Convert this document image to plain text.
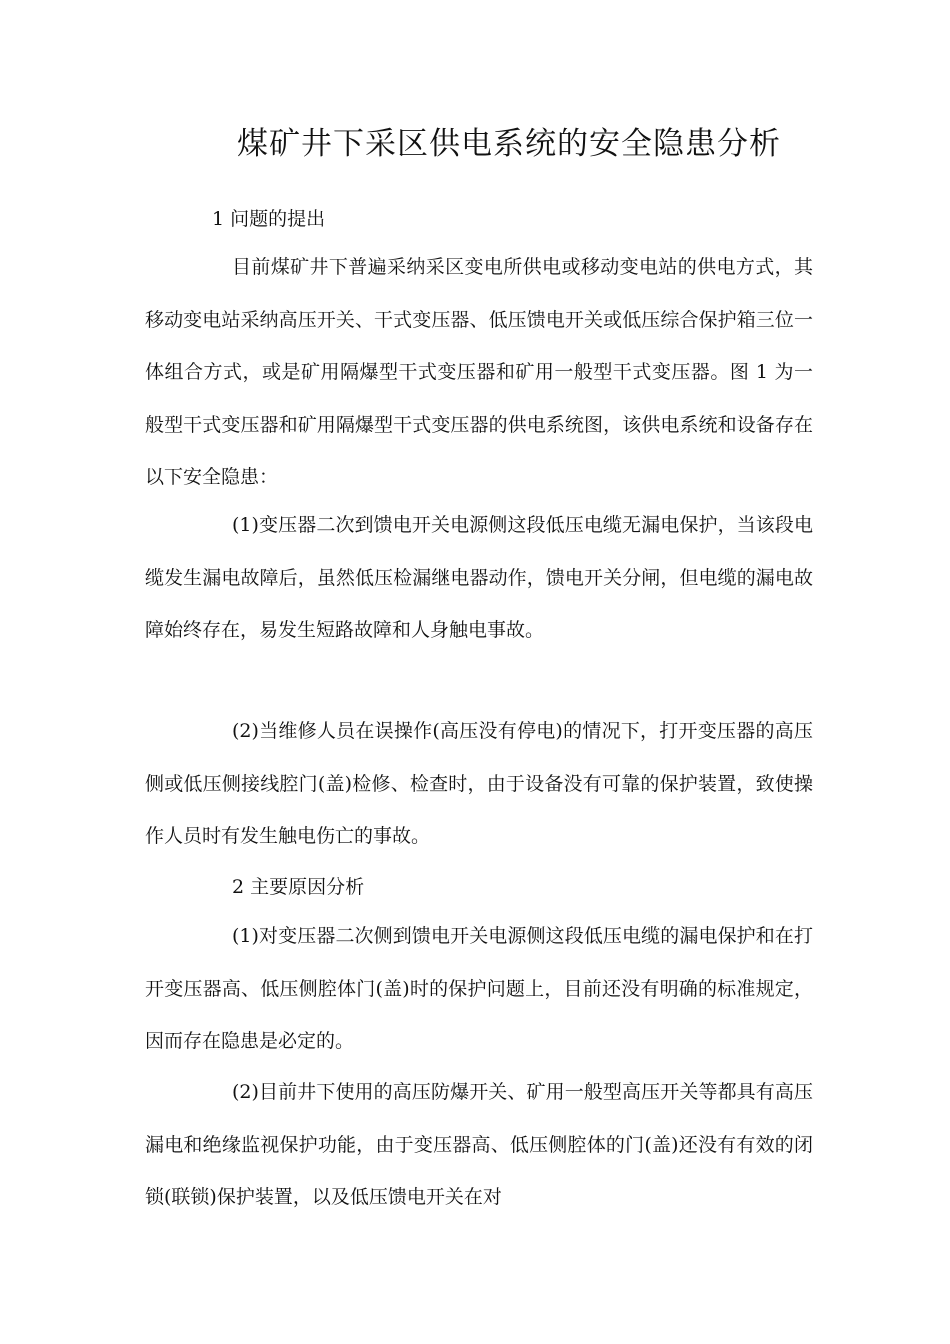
煤矿井下采区供电系统的安全隐患分析

1 问题的提出

目前煤矿井下普遍采纳采区变电所供电或移动变电站的供电方式，其移动变电站采纳高压开关、干式变压器、低压馈电开关或低压综合保护箱三位一体组合方式，或是矿用隔爆型干式变压器和矿用一般型干式变压器。图 1 为一般型干式变压器和矿用隔爆型干式变压器的供电系统图，该供电系统和设备存在以下安全隐患：

(1)变压器二次到馈电开关电源侧这段低压电缆无漏电保护，当该段电缆发生漏电故障后，虽然低压检漏继电器动作，馈电开关分闸，但电缆的漏电故障始终存在，易发生短路故障和人身触电事故。

(2)当维修人员在误操作(高压没有停电)的情况下，打开变压器的高压侧或低压侧接线腔门(盖)检修、检查时，由于设备没有可靠的保护装置，致使操作人员时有发生触电伤亡的事故。

2 主要原因分析

(1)对变压器二次侧到馈电开关电源侧这段低压电缆的漏电保护和在打开变压器高、低压侧腔体门(盖)时的保护问题上，目前还没有明确的标准规定，因而存在隐患是必定的。

(2)目前井下使用的高压防爆开关、矿用一般型高压开关等都具有高压漏电和绝缘监视保护功能，由于变压器高、低压侧腔体的门(盖)还没有有效的闭锁(联锁)保护装置，以及低压馈电开关在对
